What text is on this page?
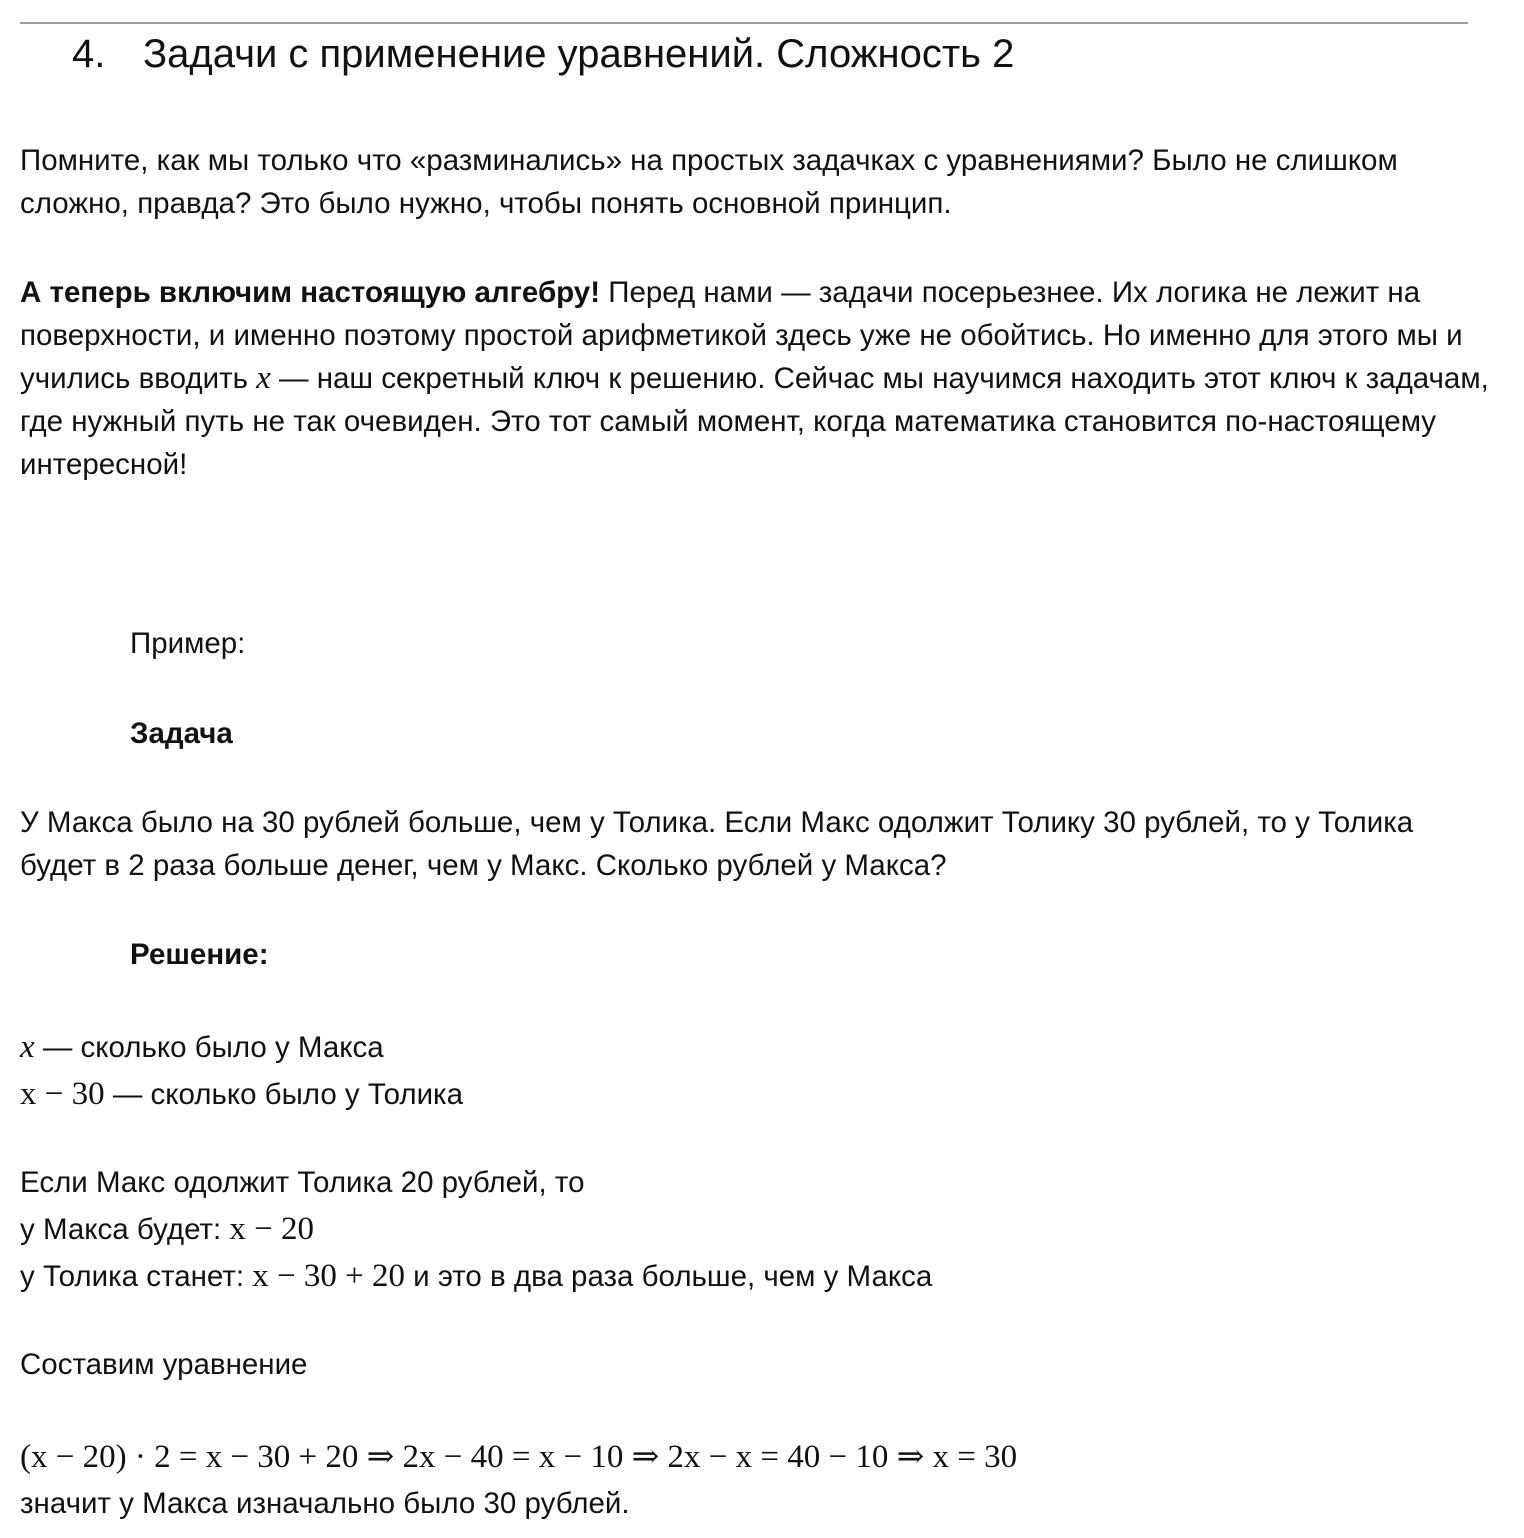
4. Задачи с применение уравнений. Сложность 2

Помните, как мы только что «разминались» на простых задачках с уравнениями? Было не слишком сложно, правда? Это было нужно, чтобы понять основной принцип.

А теперь включим настоящую алгебру! Перед нами — задачи посерьезнее. Их логика не лежит на поверхности, и именно поэтому простой арифметикой здесь уже не обойтись. Но именно для этого мы и учились вводить x — наш секретный ключ к решению. Сейчас мы научимся находить этот ключ к задачам, где нужный путь не так очевиден. Это тот самый момент, когда математика становится по-настоящему интересной!

Пример:

Задача

У Макса было на 30 рублей больше, чем у Толика. Если Макс одолжит Толику 30 рублей, то у Толика будет в 2 раза больше денег, чем у Макс. Сколько рублей у Макса?

Решение:

x — сколько было у Макса
x − 30 — сколько было у Толика
Если Макс одолжит Толика 20 рублей, то
у Макса будет: x − 20
у Толика станет: x − 30 + 20 и это в два раза больше, чем у Макса

Составим уравнение

(x − 20) · 2 = x − 30 + 20 ⇒ 2x − 40 = x − 10 ⇒ 2x − x = 40 − 10 ⇒ x = 30

значит у Макса изначально было 30 рублей.
